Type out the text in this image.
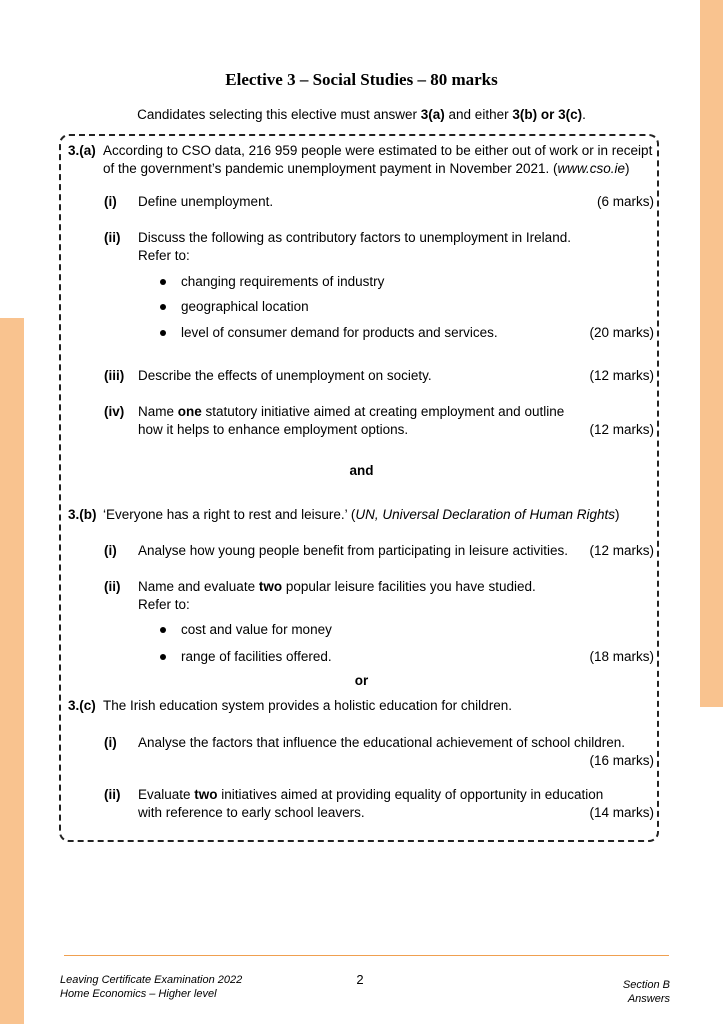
Elective 3 – Social Studies – 80 marks
Candidates selecting this elective must answer 3(a) and either 3(b) or 3(c).
3.(a) According to CSO data, 216 959 people were estimated to be either out of work or in receipt
of the government’s pandemic unemployment payment in November 2021. (www.cso.ie)
(i) Define unemployment.	(6 marks)
(ii) Discuss the following as contributory factors to unemployment in Ireland.
Refer to:
changing requirements of industry
geographical location
level of consumer demand for products and services.	(20 marks)
(iii) Describe the effects of unemployment on society.	(12 marks)
(iv) Name one statutory initiative aimed at creating employment and outline
how it helps to enhance employment options.	(12 marks)
and
3.(b) ‘Everyone has a right to rest and leisure.’ (UN, Universal Declaration of Human Rights)
(i) Analyse how young people benefit from participating in leisure activities. (12 marks)
(ii) Name and evaluate two popular leisure facilities you have studied.
Refer to:
cost and value for money
range of facilities offered.	(18 marks)
or
3.(c) The Irish education system provides a holistic education for children.
(i) Analyse the factors that influence the educational achievement of school children.
(16 marks)
(ii) Evaluate two initiatives aimed at providing equality of opportunity in education
with reference to early school leavers.	(14 marks)
Leaving Certificate Examination 2022
Home Economics – Higher level
2	Section B
Answers
